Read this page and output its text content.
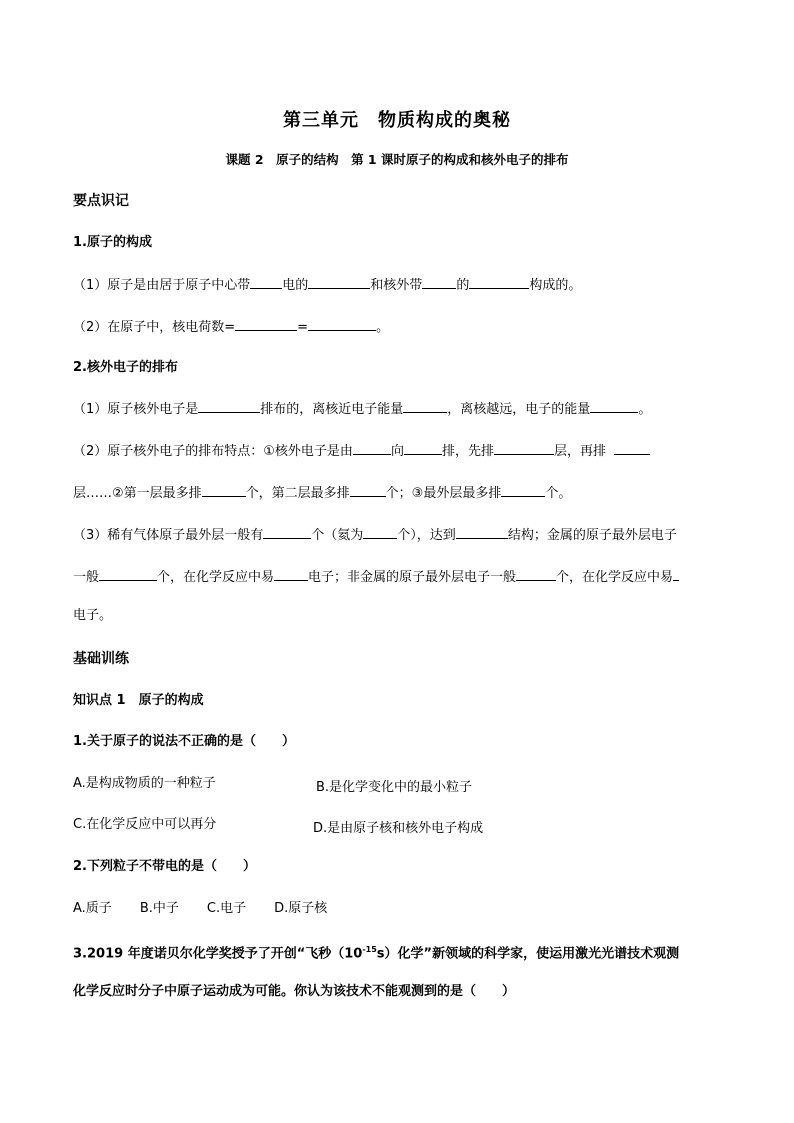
第三单元　物质构成的奥秘
课题 2　原子的结构　第 1 课时原子的构成和核外电子的排布
要点识记
1.原子的构成
（1）原子是由居于原子中心带 电的	和核外带	的	构成的。
（2）在原子中，核电荷数=	=	。
2.核外电子的排布
（1）原子核外电子是	排布的，离核近电子能量	，离核越远，电子的能量	。
（2）原子核外电子的排布特点：①核外电子是由	向	排，先排	层，再排
层……②第一层最多排	个，第二层最多排	个；③最外层最多排	个。
（3）稀有气体原子最外层一般有	个（氦为	个），达到	结构；金属的原子最外层电子
一般	个，在化学反应中易	电子；非金属的原子最外层电子一般	个，在化学反应中易
电子。
基础训练
知识点 1　原子的构成
1.关于原子的说法不正确的是（　　）
A.是构成物质的一种粒子	B.是化学变化中的最小粒子
C.在化学反应中可以再分	D.是由原子核和核外电子构成
2.下列粒子不带电的是（　　）
A.质子 B.中子 C.电子 D.原子核
3.2019 年度诺贝尔化学奖授予了开创“飞秒$(10^{-15}s)$化学”新领域的科学家，使运用激光光谱技术观测
化学反应时分子中原子运动成为可能。你认为该技术不能观测到的是（　　）
